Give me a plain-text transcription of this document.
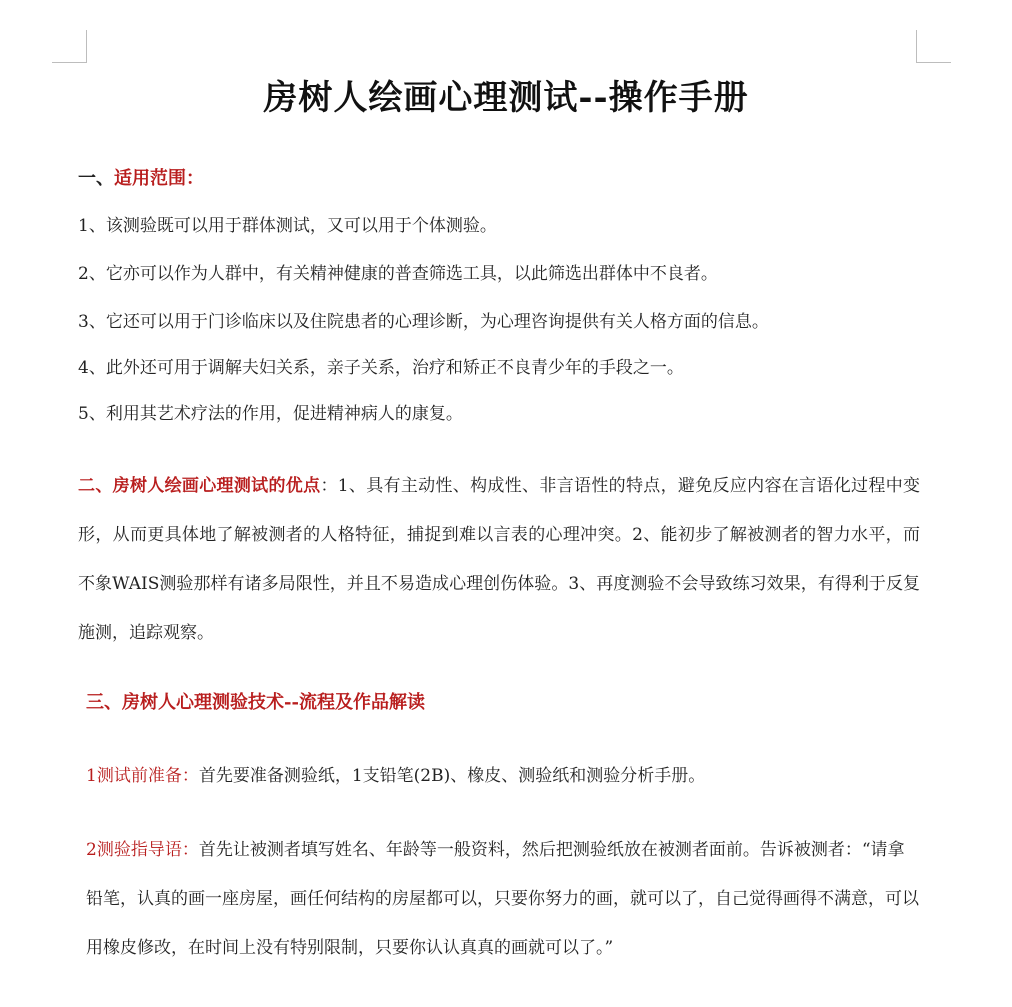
房树人绘画心理测试--操作手册
一、适用范围：
1、该测验既可以用于群体测试，又可以用于个体测验。
2、它亦可以作为人群中，有关精神健康的普查筛选工具，以此筛选出群体中不良者。
3、它还可以用于门诊临床以及住院患者的心理诊断，为心理咨询提供有关人格方面的信息。
4、此外还可用于调解夫妇关系，亲子关系，治疗和矫正不良青少年的手段之一。
5、利用其艺术疗法的作用，促进精神病人的康复。
二、房树人绘画心理测试的优点：1、具有主动性、构成性、非言语性的特点，避免反应内容在言语化过程中变形，从而更具体地了解被测者的人格特征，捕捉到难以言表的心理冲突。2、能初步了解被测者的智力水平，而不象WAIS测验那样有诸多局限性，并且不易造成心理创伤体验。3、再度测验不会导致练习效果，有得利于反复施测，追踪观察。
三、房树人心理测验技术--流程及作品解读
1测试前准备：首先要准备测验纸，1支铅笔(2B)、橡皮、测验纸和测验分析手册。
2测验指导语：首先让被测者填写姓名、年龄等一般资料，然后把测验纸放在被测者面前。告诉被测者：“请拿铅笔，认真的画一座房屋，画任何结构的房屋都可以，只要你努力的画，就可以了，自己觉得画得不满意，可以用橡皮修改，在时间上没有特别限制，只要你认认真真的画就可以了。”
